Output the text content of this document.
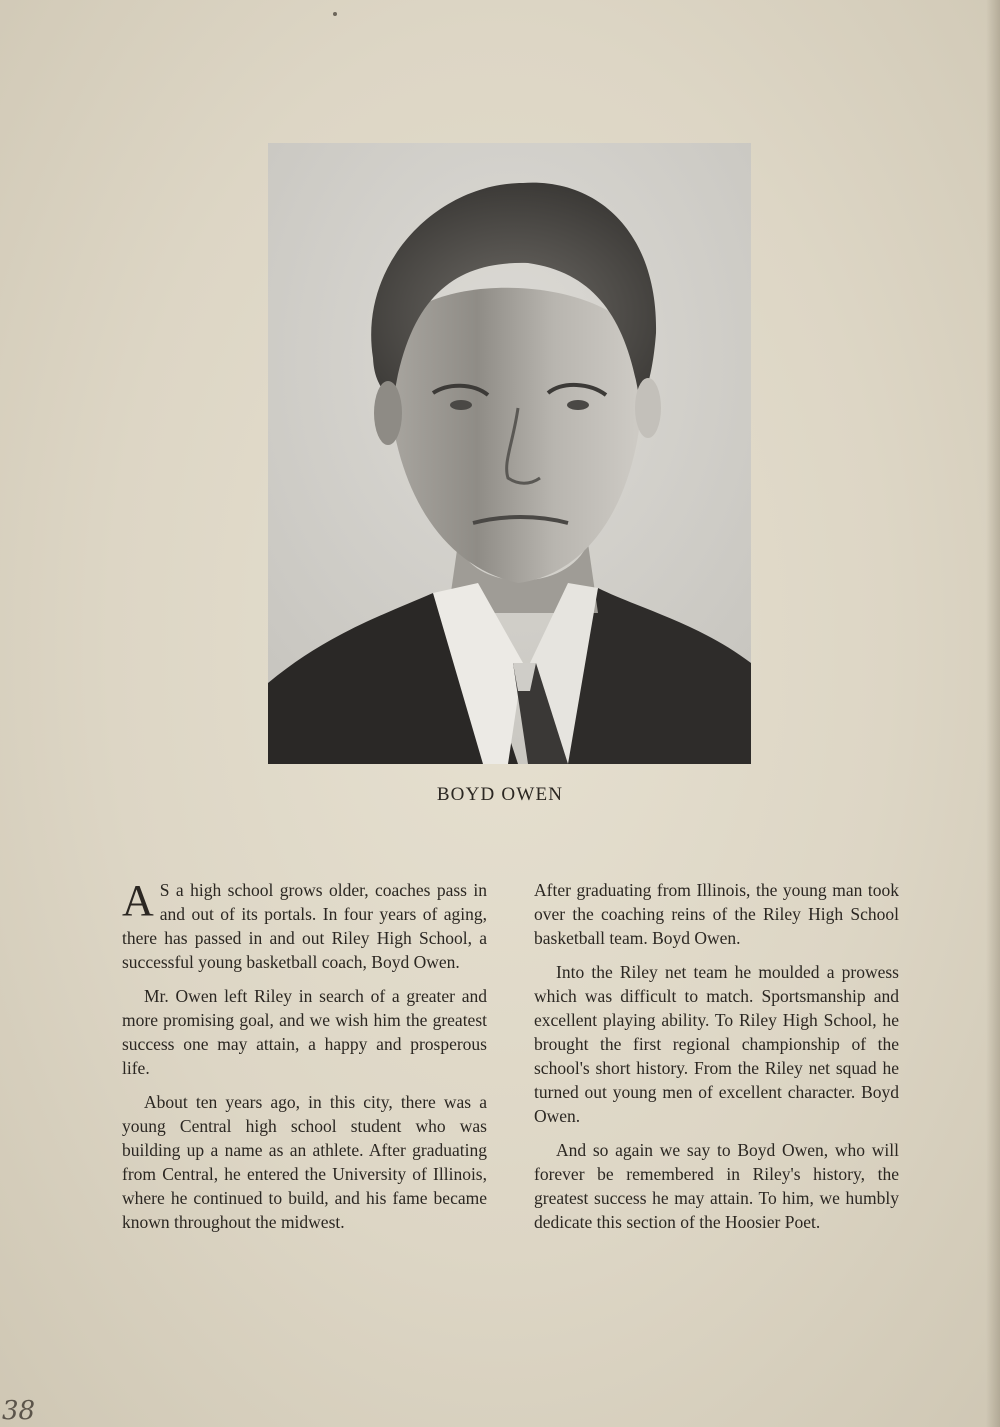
BOYD OWEN

A S a high school grows older, coaches pass in and out of its portals. In four years of aging, there has passed in and out Riley High School, a successful young basketball coach, Boyd Owen.

Mr. Owen left Riley in search of a greater and more promising goal, and we wish him the greatest success one may attain, a happy and prosperous life.

About ten years ago, in this city, there was a young Central high school student who was building up a name as an athlete. After graduating from Central, he entered the University of Illinois, where he continued to build, and his fame became known throughout the midwest.

After graduating from Illinois, the young man took over the coaching reins of the Riley High School basketball team. Boyd Owen.

Into the Riley net team he moulded a prowess which was difficult to match. Sportsmanship and excellent playing ability. To Riley High School, he brought the first regional championship of the school's short history. From the Riley net squad he turned out young men of excellent character. Boyd Owen.

And so again we say to Boyd Owen, who will forever be remembered in Riley's history, the greatest success he may attain. To him, we humbly dedicate this section of the Hoosier Poet.

38
